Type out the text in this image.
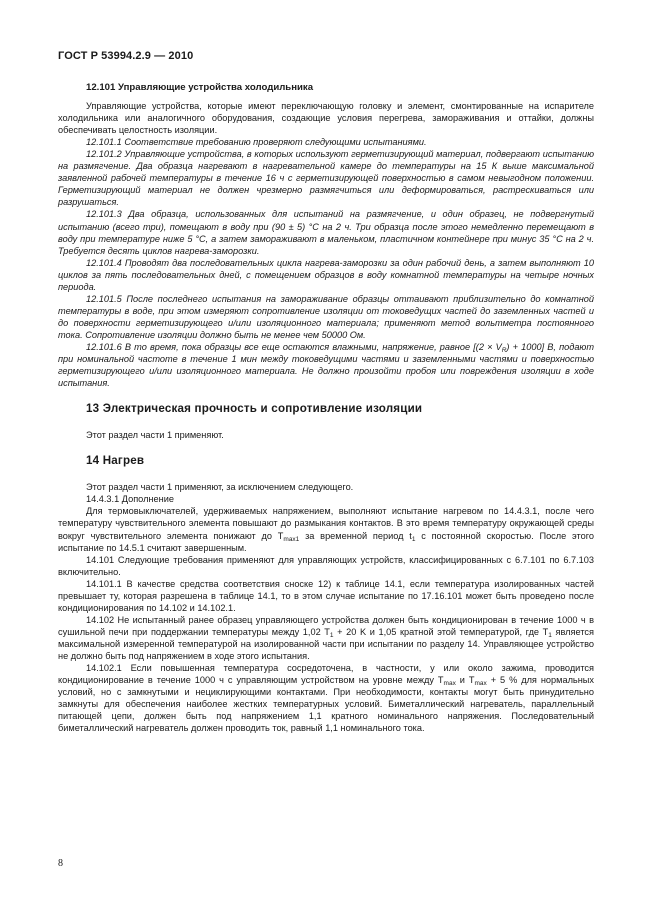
ГОСТ Р 53994.2.9 — 2010
12.101 Управляющие устройства холодильника

Управляющие устройства, которые имеют переключающую головку и элемент, смонтированные на испарителе холодильника или аналогичного оборудования, создающие условия перегрева, замораживания и оттайки, должны обеспечивать целостность изоляции.

12.101.1 Соответствие требованию проверяют следующими испытаниями.

12.101.2 Управляющие устройства, в которых используют герметизирующий материал, подвергают испытанию на размягчение. Два образца нагревают в нагревательной камере до температуры на 15 К выше максимальной заявленной рабочей температуры в течение 16 ч с герметизирующей поверхностью в самом невыгодном положении. Герметизирующий материал не должен чрезмерно размягчиться или деформироваться, растрескиваться или разрушаться.

12.101.3 Два образца, использованных для испытаний на размягчение, и один образец, не подвергнутый испытанию (всего три), помещают в воду при (90 ± 5) °С на 2 ч. Три образца после этого немедленно перемещают в воду при температуре ниже 5 °С, а затем замораживают в маленьком, пластичном контейнере при минус 35 °С на 2 ч. Требуется десять циклов нагрева-заморозки.

12.101.4 Проводят два последовательных цикла нагрева-заморозки за один рабочий день, а затем выполняют 10 циклов за пять последовательных дней, с помещением образцов в воду комнатной температуры на четыре ночных периода.

12.101.5 После последнего испытания на замораживание образцы оттаивают приблизительно до комнатной температуры в воде, при этом измеряют сопротивление изоляции от токоведущих частей до заземленных частей и до поверхности герметизирующего и/или изоляционного материала; применяют метод вольтметра постоянного тока. Сопротивление изоляции должно быть не менее чем 50000 Ом.

12.101.6 В то время, пока образцы все еще остаются влажными, напряжение, равное $[(2 \times V_R) + 1000]$ В, подают при номинальной частоте в течение 1 мин между токоведущими частями и заземленными частями и поверхностью герметизирующего и/или изоляционного материала. Не должно произойти пробоя или повреждения изоляции в ходе испытания.

13 Электрическая прочность и сопротивление изоляции

Этот раздел части 1 применяют.

14 Нагрев

Этот раздел части 1 применяют, за исключением следующего.

14.4.3.1 Дополнение

Для термовыключателей, удерживаемых напряжением, выполняют испытание нагревом по 14.4.3.1, после чего температуру чувствительного элемента повышают до размыкания контактов. В это время температуру окружающей среды вокруг чувствительного элемента понижают до $T_{max1}$ за временной период $t_1$ с постоянной скоростью. После этого испытание по 14.5.1 считают завершенным.

14.101 Следующие требования применяют для управляющих устройств, классифицированных с 6.7.101 по 6.7.103 включительно.

14.101.1 В качестве средства соответствия сноске 12) к таблице 14.1, если температура изолированных частей превышает ту, которая разрешена в таблице 14.1, то в этом случае испытание по 17.16.101 может быть проведено после кондиционирования по 14.102 и 14.102.1.

14.102 Не испытанный ранее образец управляющего устройства должен быть кондиционирован в течение 1000 ч в сушильной печи при поддержании температуры между 1,02 $T_1 + 20$ K и 1,05 кратной этой температурой, где $T_1$ является максимальной измеренной температурой на изолированной части при испытании по разделу 14. Управляющее устройство не должно быть под напряжением в ходе этого испытания.

14.102.1 Если повышенная температура сосредоточена, в частности, у или около зажима, проводится кондиционирование в течение 1000 ч с управляющим устройством на уровне между $T_{max}$ и $T_{max} + 5$ % для нормальных условий, но с замкнутыми и нециклирующими контактами. При необходимости, контакты могут быть принудительно замкнуты для обеспечения наиболее жестких температурных условий. Биметаллический нагреватель, параллельный питающей цепи, должен быть под напряжением 1,1 кратного номинального напряжения. Последовательный биметаллический нагреватель должен проводить ток, равный 1,1 номинального тока.

8
